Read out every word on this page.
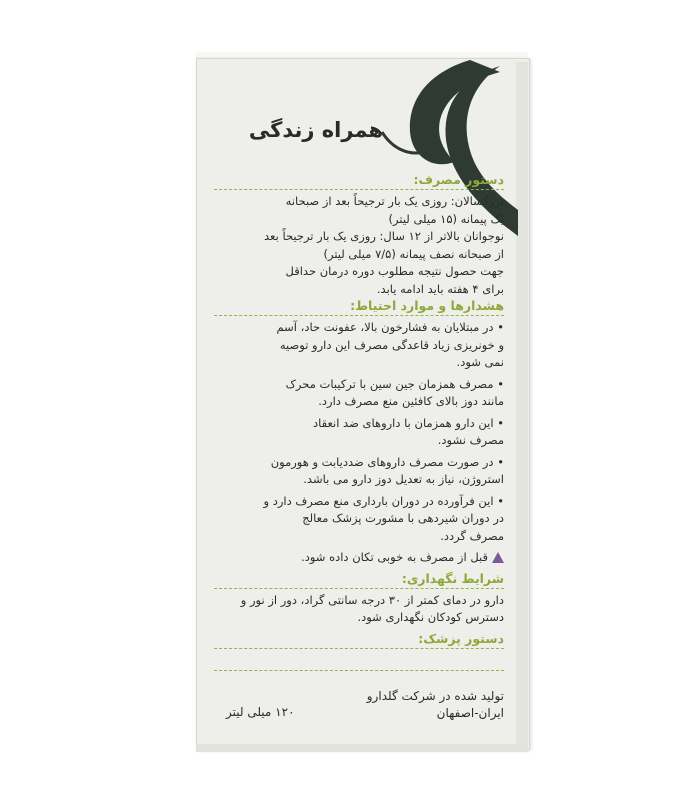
همراه زندگی
دستور مصرف:
بزرگسالان: روزی یک بار ترجیحاً بعد از صبحانه
یک پیمانه (۱۵ میلی لیتر)
نوجوانان بالاتر از ۱۲ سال: روزی یک بار ترجیحاً بعد
از صبحانه نصف پیمانه (۷/۵ میلی لیتر)
جهت حصول نتیجه مطلوب دوره درمان حداقل
برای ۴ هفته باید ادامه یابد.
هشدارها و موارد احتیاط:
• در مبتلایان به فشارخون بالا، عفونت حاد، آسم
و خونریزی زیاد قاعدگی مصرف این دارو توصیه
نمی شود.
• مصرف همزمان جین سین با ترکیبات محرک
مانند دوز بالای کافئین منع مصرف دارد.
• این دارو همزمان با داروهای ضد انعقاد
مصرف نشود.
• در صورت مصرف داروهای ضددیابت و هورمون
استروژن، نیاز به تعدیل دوز دارو می باشد.
• این فرآورده در دوران بارداری منع مصرف دارد و
در دوران شیردهی با مشورت پزشک معالج
مصرف گردد.
قبل از مصرف به خوبی تکان داده شود.
شرایط نگهداری:
دارو در دمای کمتر از ۳۰ درجه سانتی گراد، دور از نور و
دسترس کودکان نگهداری شود.
دستور پزشک:
تولید شده در شرکت گلدارو
ایران-اصفهان
۱۲۰ میلی لیتر
